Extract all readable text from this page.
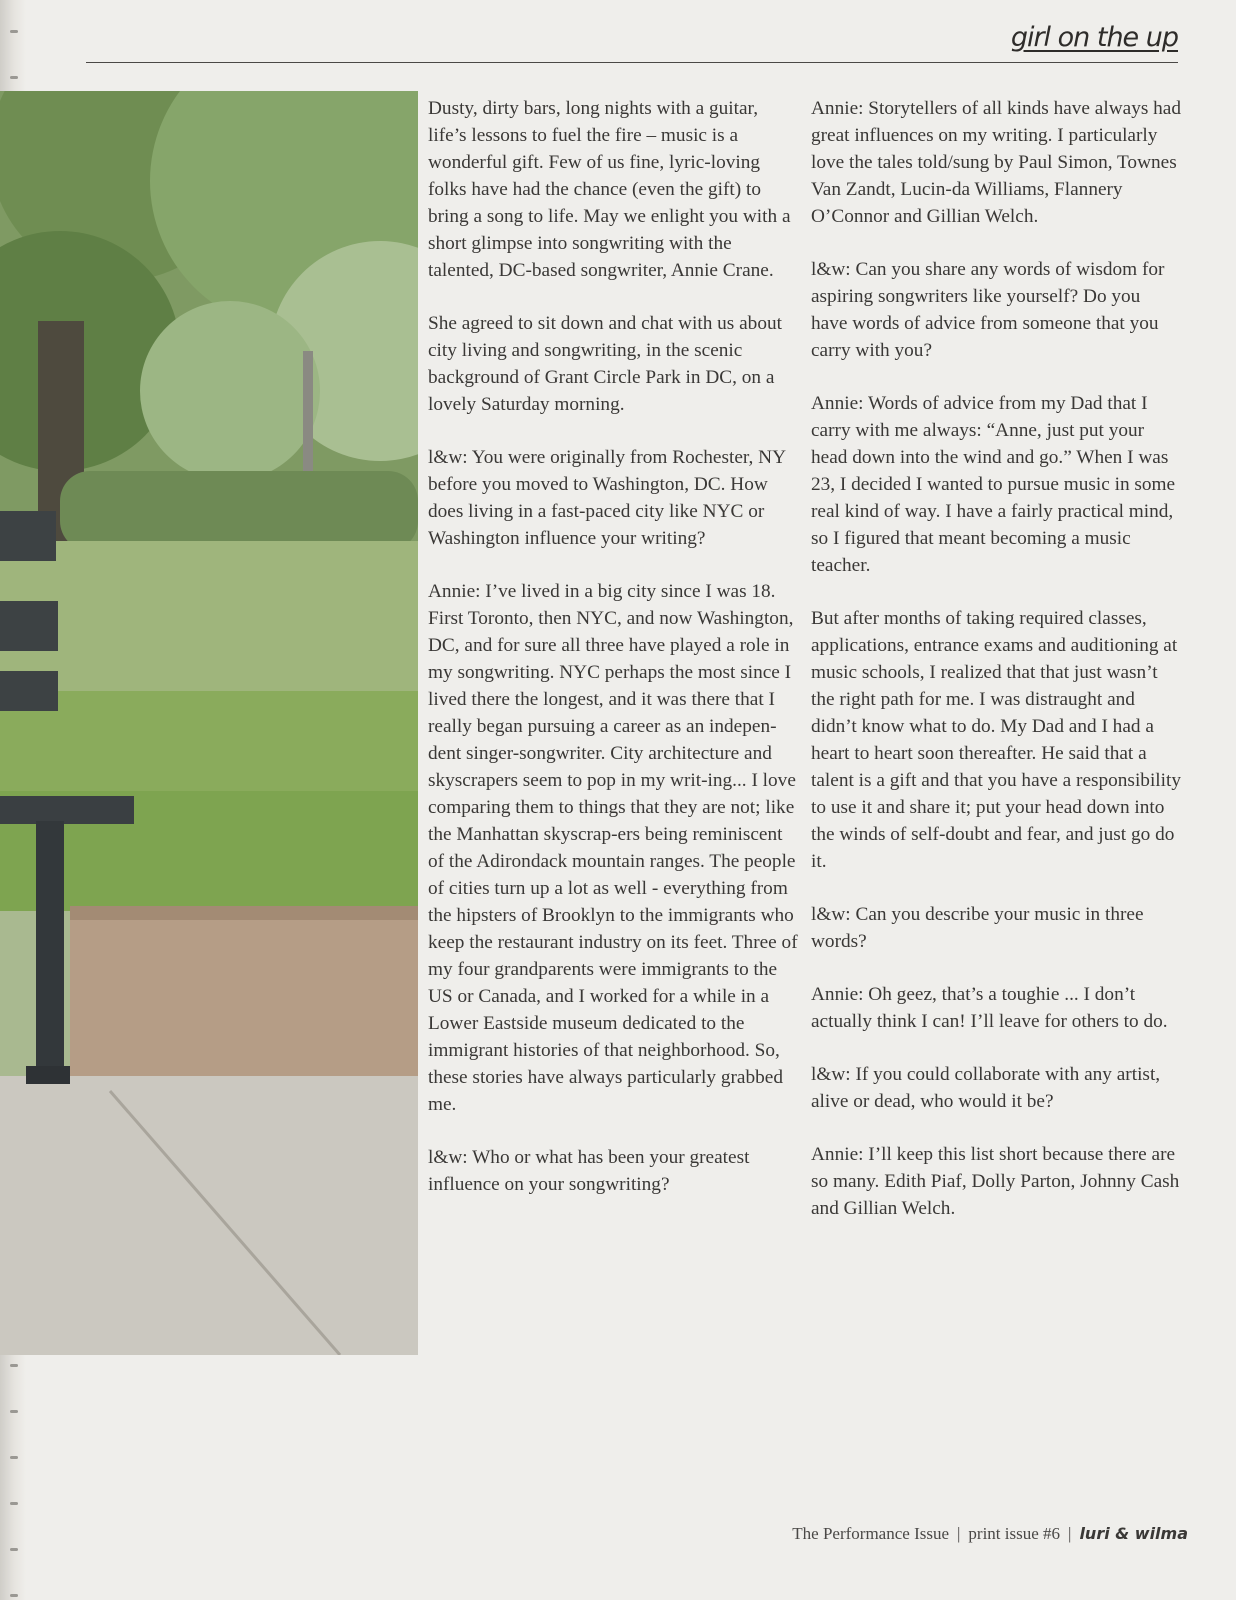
girl on the up

Dusty, dirty bars, long nights with a guitar, life’s lessons to fuel the fire – music is a wonderful gift. Few of us fine, lyric-loving folks have had the chance (even the gift) to bring a song to life. May we enlight you with a short glimpse into songwriting with the talented, DC-based songwriter, Annie Crane.

She agreed to sit down and chat with us about city living and songwriting, in the scenic background of Grant Circle Park in DC, on a lovely Saturday morning.

l&w: You were originally from Rochester, NY before you moved to Washington, DC. How does living in a fast-paced city like NYC or Washington influence your writing?

Annie: I’ve lived in a big city since I was 18. First Toronto, then NYC, and now Washington, DC, and for sure all three have played a role in my songwriting. NYC perhaps the most since I lived there the longest, and it was there that I really began pursuing a career as an indepen-dent singer-songwriter. City architecture and skyscrapers seem to pop in my writ-ing... I love comparing them to things that they are not; like the Manhattan skyscrap-ers being reminiscent of the Adirondack mountain ranges. The people of cities turn up a lot as well - everything from the hipsters of Brooklyn to the immigrants who keep the restaurant industry on its feet. Three of my four grandparents were immigrants to the US or Canada, and I worked for a while in a Lower Eastside museum dedicated to the immigrant histories of that neighborhood. So, these stories have always particularly grabbed me.

l&w: Who or what has been your greatest influence on your songwriting?

Annie: Storytellers of all kinds have always had great influences on my writing. I particularly love the tales told/sung by Paul Simon, Townes Van Zandt, Lucin-da Williams, Flannery O’Connor and Gillian Welch.

l&w: Can you share any words of wisdom for aspiring songwriters like yourself? Do you have words of advice from someone that you carry with you?

Annie: Words of advice from my Dad that I carry with me always: “Anne, just put your head down into the wind and go.” When I was 23, I decided I wanted to pursue music in some real kind of way. I have a fairly practical mind, so I figured that meant becoming a music teacher.

But after months of taking required classes, applications, entrance exams and auditioning at music schools, I realized that that just wasn’t the right path for me. I was distraught and didn’t know what to do. My Dad and I had a heart to heart soon thereafter. He said that a talent is a gift and that you have a responsibility to use it and share it; put your head down into the winds of self-doubt and fear, and just go do it.

l&w: Can you describe your music in three words?

Annie: Oh geez, that’s a toughie ... I don’t actually think I can! I’ll leave for others to do.

l&w: If you could collaborate with any artist, alive or dead, who would it be?

Annie: I’ll keep this list short because there are so many. Edith Piaf, Dolly Parton, Johnny Cash and Gillian Welch.

The Performance Issue | print issue #6 | luri & wilma
